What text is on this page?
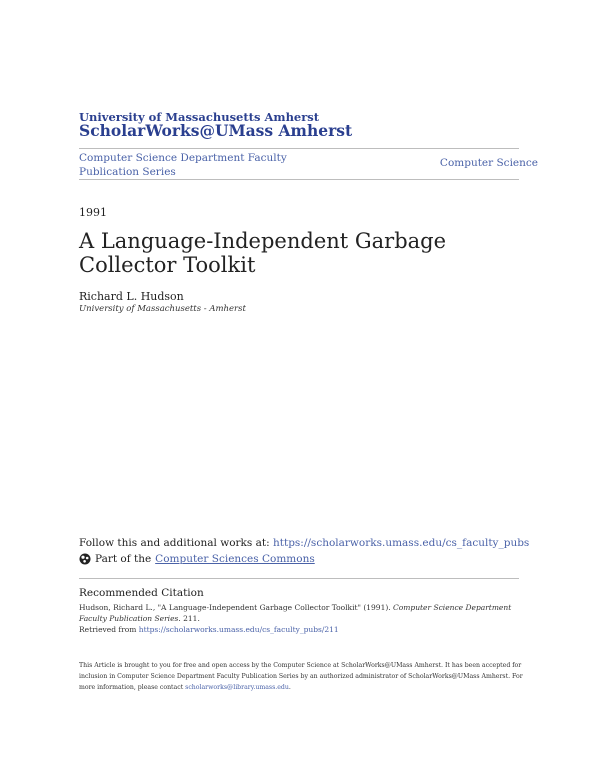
University of Massachusetts Amherst
ScholarWorks@UMass Amherst
Computer Science Department Faculty Publication Series
Computer Science
1991
A Language-Independent Garbage Collector Toolkit
Richard L. Hudson
University of Massachusetts - Amherst
Follow this and additional works at: https://scholarworks.umass.edu/cs_faculty_pubs
Part of the Computer Sciences Commons
Recommended Citation
Hudson, Richard L., "A Language-Independent Garbage Collector Toolkit" (1991). Computer Science Department Faculty Publication Series. 211.
Retrieved from https://scholarworks.umass.edu/cs_faculty_pubs/211
This Article is brought to you for free and open access by the Computer Science at ScholarWorks@UMass Amherst. It has been accepted for inclusion in Computer Science Department Faculty Publication Series by an authorized administrator of ScholarWorks@UMass Amherst. For more information, please contact scholarworks@library.umass.edu.
